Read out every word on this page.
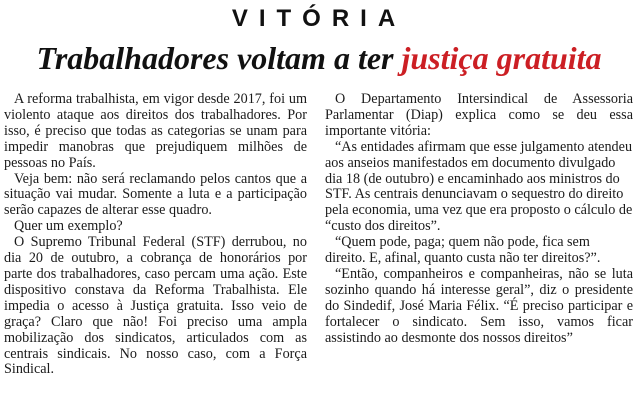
VITÓRIA
Trabalhadores voltam a ter justiça gratuita

A reforma trabalhista, em vigor desde 2017, foi um violento ataque aos direitos dos trabalhadores. Por isso, é preciso que todas as categorias se unam para impedir manobras que prejudiquem milhões de pessoas no País.

Veja bem: não será reclamando pelos cantos que a situação vai mudar. Somente a luta e a participação serão capazes de alterar esse quadro.

Quer um exemplo?

O Supremo Tribunal Federal (STF) derrubou, no dia 20 de outubro, a cobrança de honorários por parte dos trabalhadores, caso percam uma ação. Este dispositivo constava da Reforma Trabalhista. Ele impedia o acesso à Justiça gratuita. Isso veio de graça? Claro que não! Foi preciso uma ampla mobilização dos sindicatos, articulados com as centrais sindicais. No nosso caso, com a Força Sindical.

O Departamento Intersindical de Assessoria Parlamentar (Diap) explica como se deu essa importante vitória:

“As entidades afirmam que esse julgamento atendeu aos anseios manifestados em documento divulgado dia 18 (de outubro) e encaminhado aos ministros do STF. As centrais denunciavam o sequestro do direito pela economia, uma vez que era proposto o cálculo de “custo dos direitos”.

“Quem pode, paga; quem não pode, fica sem direito. E, afinal, quanto custa não ter direitos?”.

“Então, companheiros e companheiras, não se luta sozinho quando há interesse geral”, diz o presidente do Sindedif, José Maria Félix. “É preciso participar e fortalecer o sindicato. Sem isso, vamos ficar assistindo ao desmonte dos nossos direitos”
